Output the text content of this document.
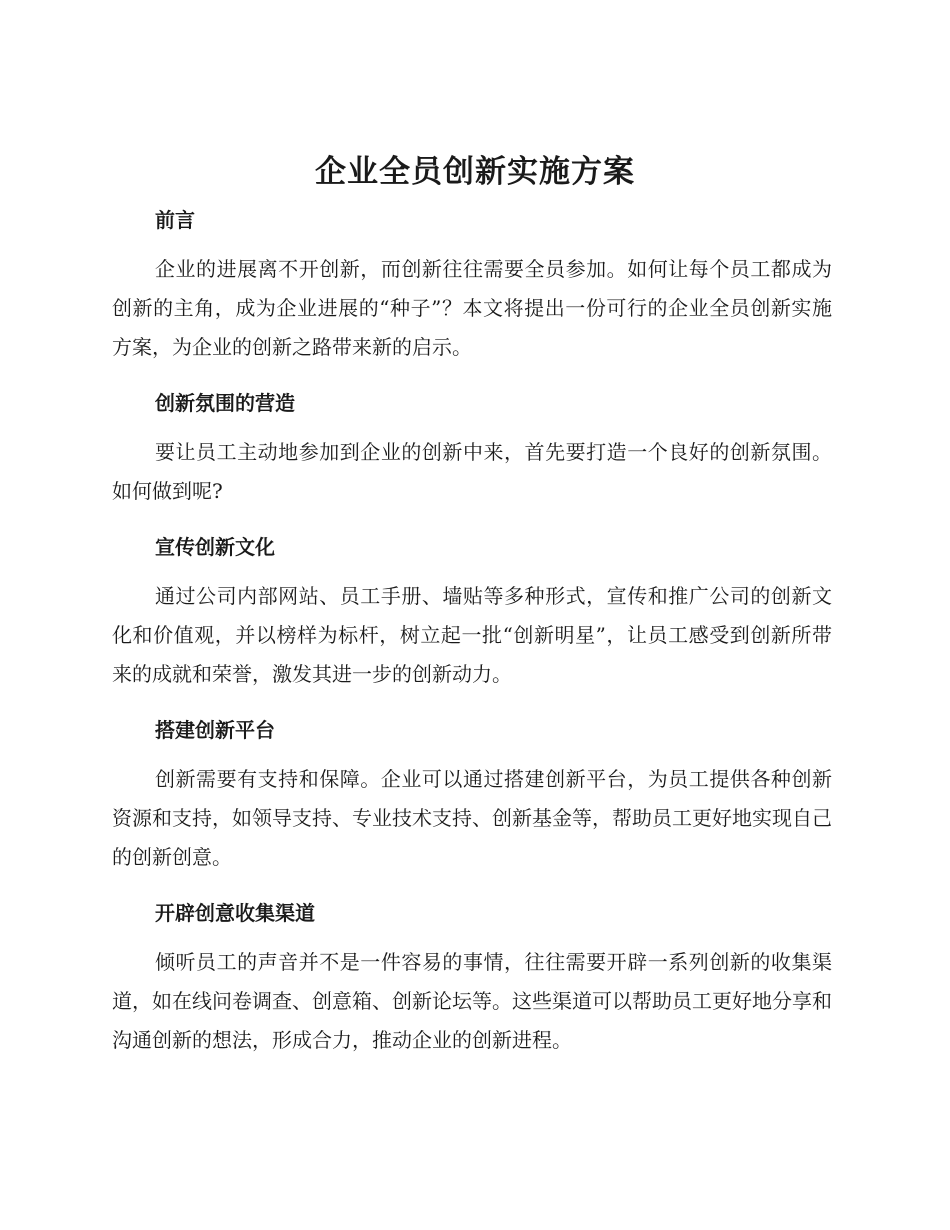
企业全员创新实施方案
前言

企业的进展离不开创新，而创新往往需要全员参加。如何让每个员工都成为创新的主角，成为企业进展的“种子”？本文将提出一份可行的企业全员创新实施方案，为企业的创新之路带来新的启示。

创新氛围的营造

要让员工主动地参加到企业的创新中来，首先要打造一个良好的创新氛围。如何做到呢?

宣传创新文化

通过公司内部网站、员工手册、墙贴等多种形式，宣传和推广公司的创新文化和价值观，并以榜样为标杆，树立起一批“创新明星”，让员工感受到创新所带来的成就和荣誉，激发其进一步的创新动力。

搭建创新平台

创新需要有支持和保障。企业可以通过搭建创新平台，为员工提供各种创新资源和支持，如领导支持、专业技术支持、创新基金等，帮助员工更好地实现自己的创新创意。

开辟创意收集渠道

倾听员工的声音并不是一件容易的事情，往往需要开辟一系列创新的收集渠道，如在线问卷调查、创意箱、创新论坛等。这些渠道可以帮助员工更好地分享和沟通创新的想法，形成合力，推动企业的创新进程。
